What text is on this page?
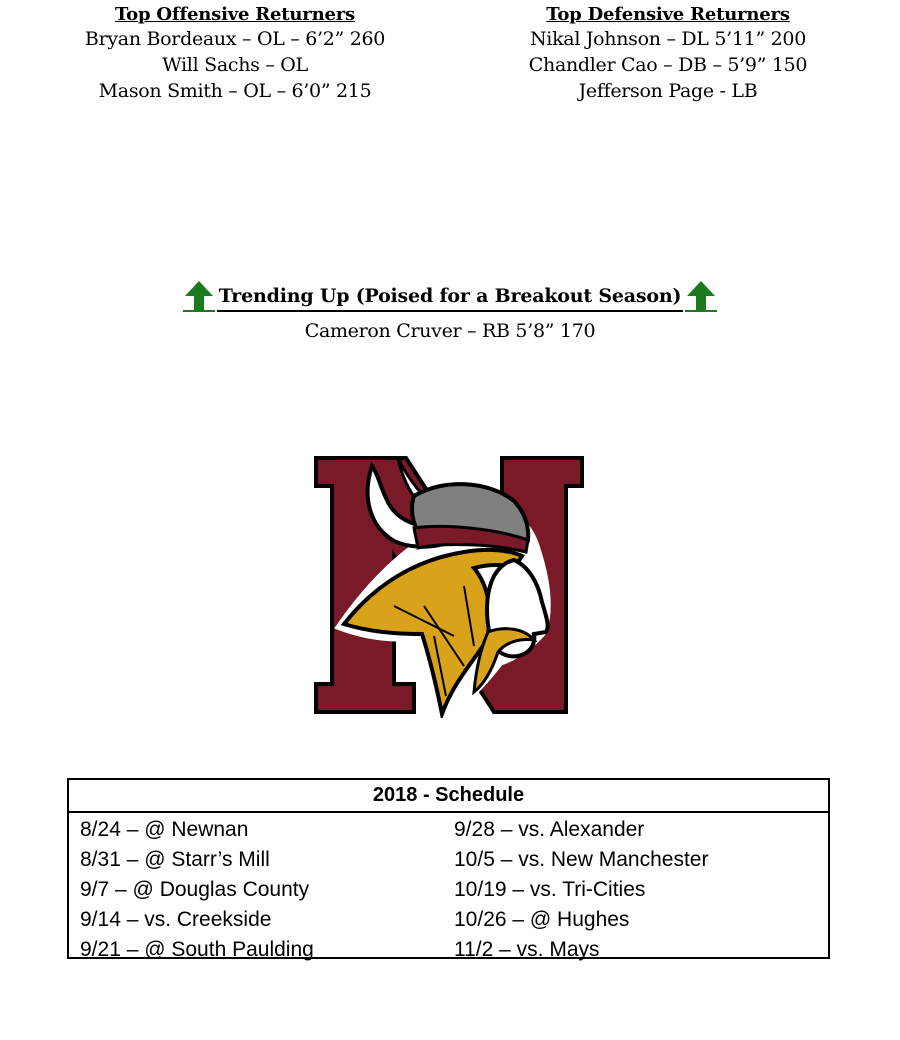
Top Offensive Returners
Bryan Bordeaux – OL – 6’2” 260
Will Sachs – OL
Mason Smith – OL – 6’0” 215
Top Defensive Returners
Nikal Johnson – DL 5’11” 200
Chandler Cao – DB – 5’9” 150
Jefferson Page - LB
Trending Up (Poised for a Breakout Season)
Cameron Cruver – RB 5’8” 170
2018 - Schedule
8/24 – @ Newnan
8/31 – @ Starr’s Mill
9/7 – @ Douglas County
9/14 – vs. Creekside
9/21 – @ South Paulding
9/28 – vs. Alexander
10/5 – vs. New Manchester
10/19 – vs. Tri-Cities
10/26 – @ Hughes
11/2 – vs. Mays
